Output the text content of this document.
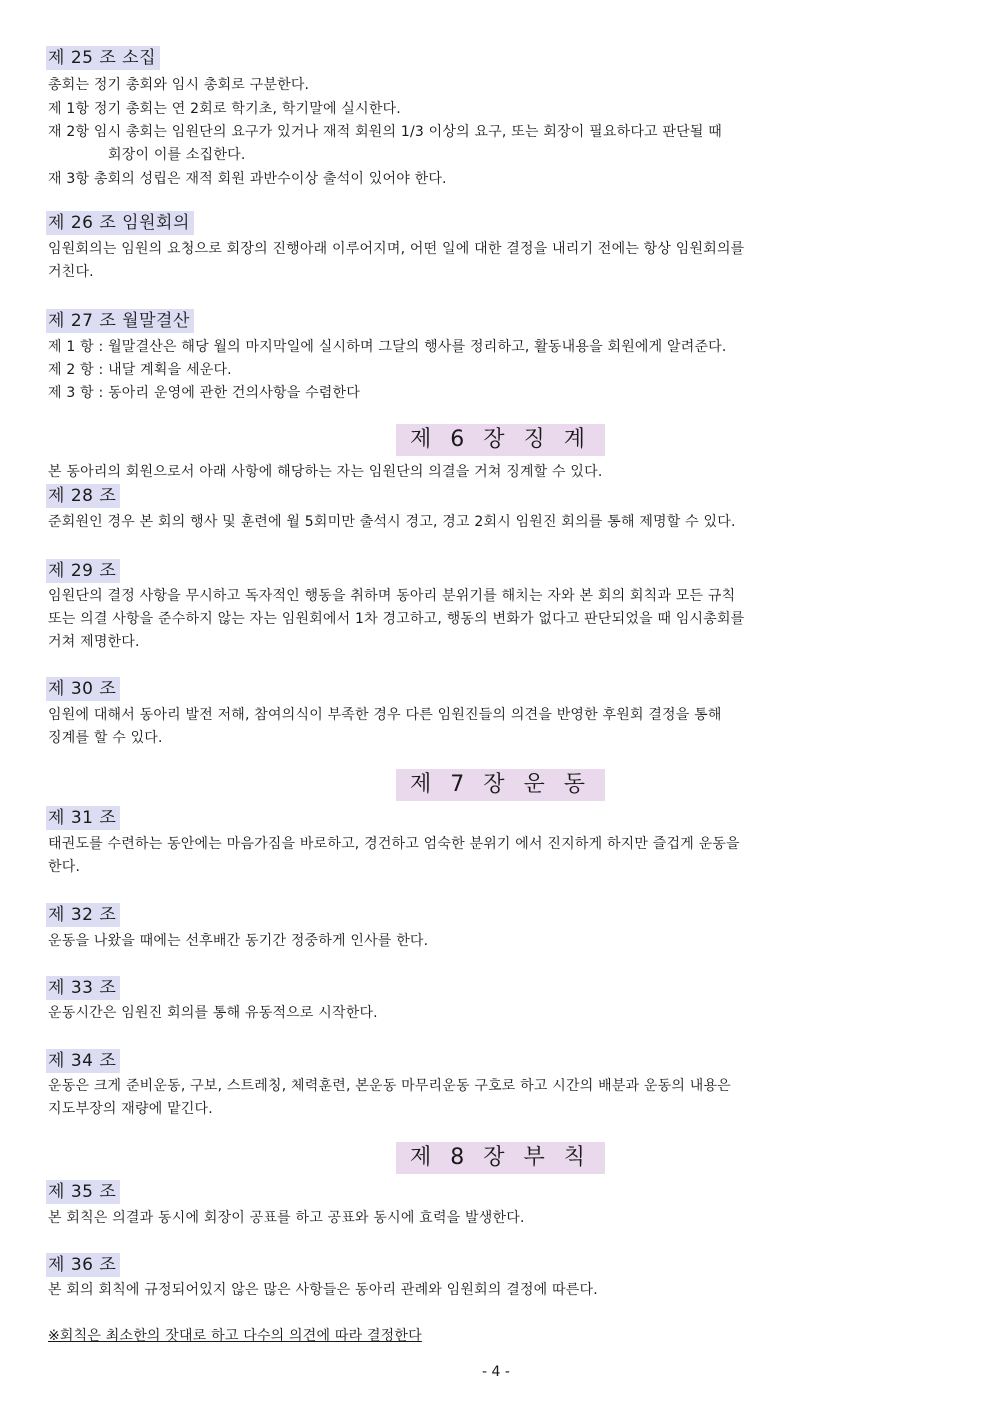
제 25 조 소집
총회는 정기 총회와 임시 총회로 구분한다.
제 1항 정기 총회는 연 2회로 학기초, 학기말에 실시한다.
재 2항 임시 총회는 임원단의 요구가 있거나 재적 회원의 1/3 이상의 요구, 또는 회장이 필요하다고 판단될 때
회장이 이를 소집한다.
재 3항 총회의 성립은 재적 회원 과반수이상 출석이 있어야 한다.
제 26 조 임원회의
임원회의는 임원의 요청으로 회장의 진행아래 이루어지며, 어떤 일에 대한 결정을 내리기 전에는 항상 임원회의를
거친다.
제 27 조 월말결산
제 1 항 : 월말결산은 해당 월의 마지막일에 실시하며 그달의 행사를 정리하고, 활동내용을 회원에게 알려준다.
제 2 항 : 내달 계획을 세운다.
제 3 항 : 동아리 운영에 관한 건의사항을 수렴한다
제 6 장 징 계
본 동아리의 회원으로서 아래 사항에 해당하는 자는 임원단의 의결을 거쳐 징계할 수 있다.
제 28 조
준회원인 경우 본 회의 행사 및 훈련에 월 5회미만 출석시 경고, 경고 2회시 임원진 회의를 통해 제명할 수 있다.
제 29 조
임원단의 결정 사항을 무시하고 독자적인 행동을 취하며 동아리 분위기를 해치는 자와 본 회의 회칙과 모든 규칙
또는 의결 사항을 준수하지 않는 자는 임원회에서 1차 경고하고, 행동의 변화가 없다고 판단되었을 때 임시총회를
거쳐 제명한다.
제 30 조
임원에 대해서 동아리 발전 저해, 참여의식이 부족한 경우 다른 임원진들의 의견을 반영한 후원회 결정을 통해
징계를 할 수 있다.
제 7 장 운 동
제 31 조
태권도를 수련하는 동안에는 마음가짐을 바로하고, 경건하고 엄숙한 분위기 에서 진지하게 하지만 즐겁게 운동을
한다.
제 32 조
운동을 나왔을 때에는 선후배간 동기간 정중하게 인사를 한다.
제 33 조
운동시간은 임원진 회의를 통해 유동적으로 시작한다.
제 34 조
운동은 크게 준비운동, 구보, 스트레칭, 체력훈련, 본운동 마무리운동 구호로 하고 시간의 배분과 운동의 내용은
지도부장의 재량에 맡긴다.
제 8 장 부 칙
제 35 조
본 회칙은 의결과 동시에 회장이 공표를 하고 공표와 동시에 효력을 발생한다.
제 36 조
본 회의 회칙에 규정되어있지 않은 많은 사항들은 동아리 관례와 임원회의 결정에 따른다.
※회칙은 최소한의 잣대로 하고 다수의 의견에 따라 결정한다
- 4 -
